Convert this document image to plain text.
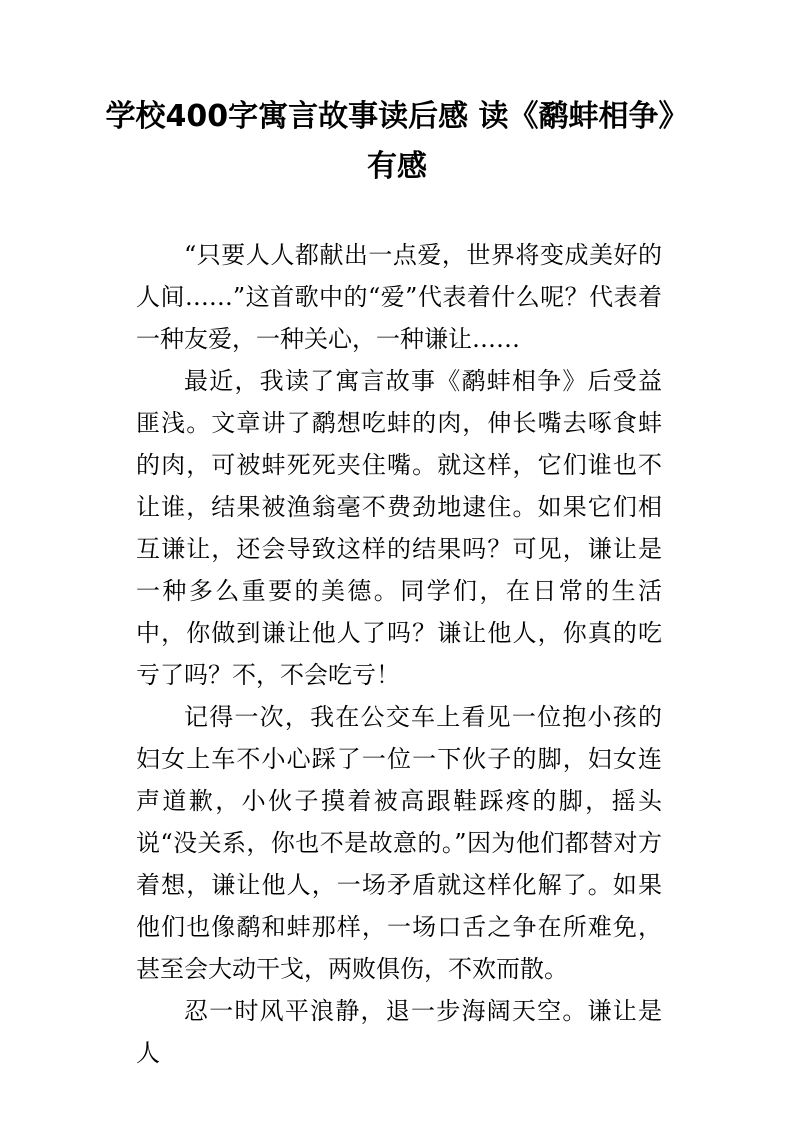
学校400字寓言故事读后感 读《鹬蚌相争》有感

“只要人人都献出一点爱，世界将变成美好的人间……”这首歌中的“爱”代表着什么呢？代表着一种友爱，一种关心，一种谦让……

最近，我读了寓言故事《鹬蚌相争》后受益匪浅。文章讲了鹬想吃蚌的肉，伸长嘴去啄食蚌的肉，可被蚌死死夹住嘴。就这样，它们谁也不让谁，结果被渔翁毫不费劲地逮住。如果它们相互谦让，还会导致这样的结果吗？可见，谦让是一种多么重要的美德。同学们，在日常的生活中，你做到谦让他人了吗？谦让他人，你真的吃亏了吗？不，不会吃亏！

记得一次，我在公交车上看见一位抱小孩的妇女上车不小心踩了一位一下伙子的脚，妇女连声道歉，小伙子摸着被高跟鞋踩疼的脚，摇头说“没关系，你也不是故意的。”因为他们都替对方着想，谦让他人，一场矛盾就这样化解了。如果他们也像鹬和蚌那样，一场口舌之争在所难免，甚至会大动干戈，两败俱伤，不欢而散。

忍一时风平浪静，退一步海阔天空。谦让是人
